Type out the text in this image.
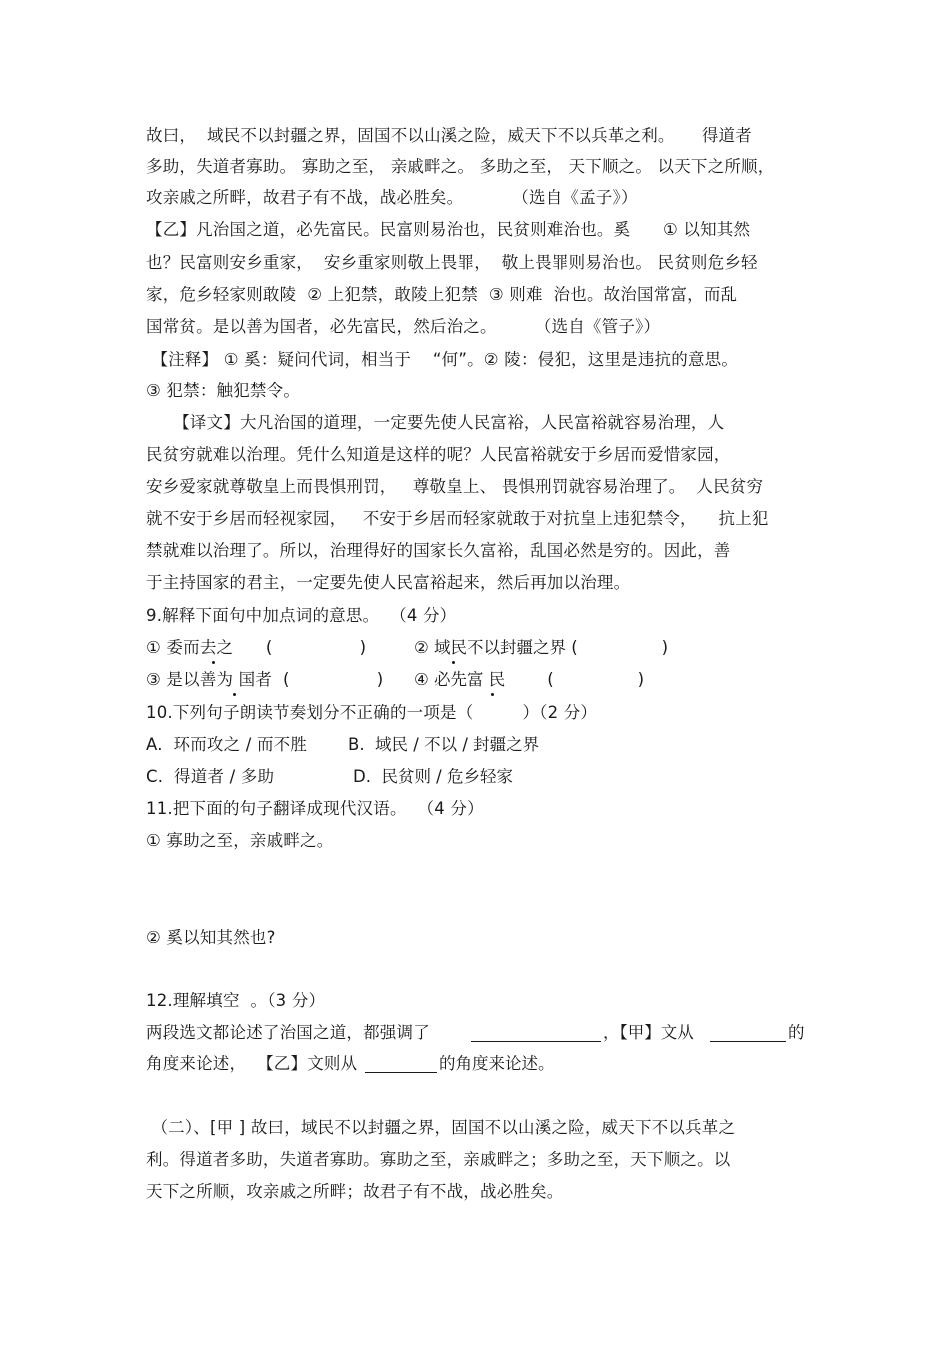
故曰，  域民不以封疆之界，固国不以山溪之险，威天下不以兵革之利。     得道者
多助，失道者寡助。 寡助之至， 亲戚畔之。 多助之至， 天下顺之。 以天下之所顺，
攻亲戚之所畔，故君子有不战，战必胜矣。         （选自《孟子》）
【乙】凡治国之道，必先富民。民富则易治也，民贫则难治也。奚      ① 以知其然
也？民富则安乡重家，  安乡重家则敬上畏罪，  敬上畏罪则易治也。 民贫则危乡轻
家，危乡轻家则敢陵  ② 上犯禁，敢陵上犯禁  ③ 则难  治也。故治国常富，而乱
国常贫。是以善为国者，必先富民，然后治之。       （选自《管子》）
【注释】 ① 奚：疑问代词，相当于    “何”。② 陵：侵犯，这里是违抗的意思。
③ 犯禁：触犯禁令。
【译文】大凡治国的道理，一定要先使人民富裕，人民富裕就容易治理，人
民贫穷就难以治理。凭什么知道是这样的呢？人民富裕就安于乡居而爱惜家园，
安乡爱家就尊敬皇上而畏惧刑罚，   尊敬皇上、 畏惧刑罚就容易治理了。  人民贫穷
就不安于乡居而轻视家园，   不安于乡居而轻家就敢于对抗皇上违犯禁令，    抗上犯
禁就难以治理了。所以，治理得好的国家长久富裕，乱国必然是穷的。因此，善
于主持国家的君主，一定要先使人民富裕起来，然后再加以治理。
9.解释下面句中加点词的意思。  （4 分）
① 委而去之      (                )	② 域民不以封疆之界 (                )
③ 是以善为 国者  (                ) ④ 必先富 民        (                )
10.下列句子朗读节奏划分不正确的一项是（         ）（2 分）
A.  环而攻之 / 而不胜 B.  域民 / 不以 / 封疆之界
C.  得道者 / 多助	D.  民贫则 / 危乡轻家
11.把下面的句子翻译成现代汉语。  （4 分）
① 寡助之至，亲戚畔之。
② 奚以知其然也?
12.理解填空  。（3 分）
两段选文都论述了治国之道，都强调了	，【甲】文从	的
角度来论述，  【乙】文则从	的角度来论述。
（二）、[甲 ] 故曰，域民不以封疆之界，固国不以山溪之险，威天下不以兵革之
利。得道者多助，失道者寡助。寡助之至，亲戚畔之；多助之至，天下顺之。以
天下之所顺，攻亲戚之所畔；故君子有不战，战必胜矣。
